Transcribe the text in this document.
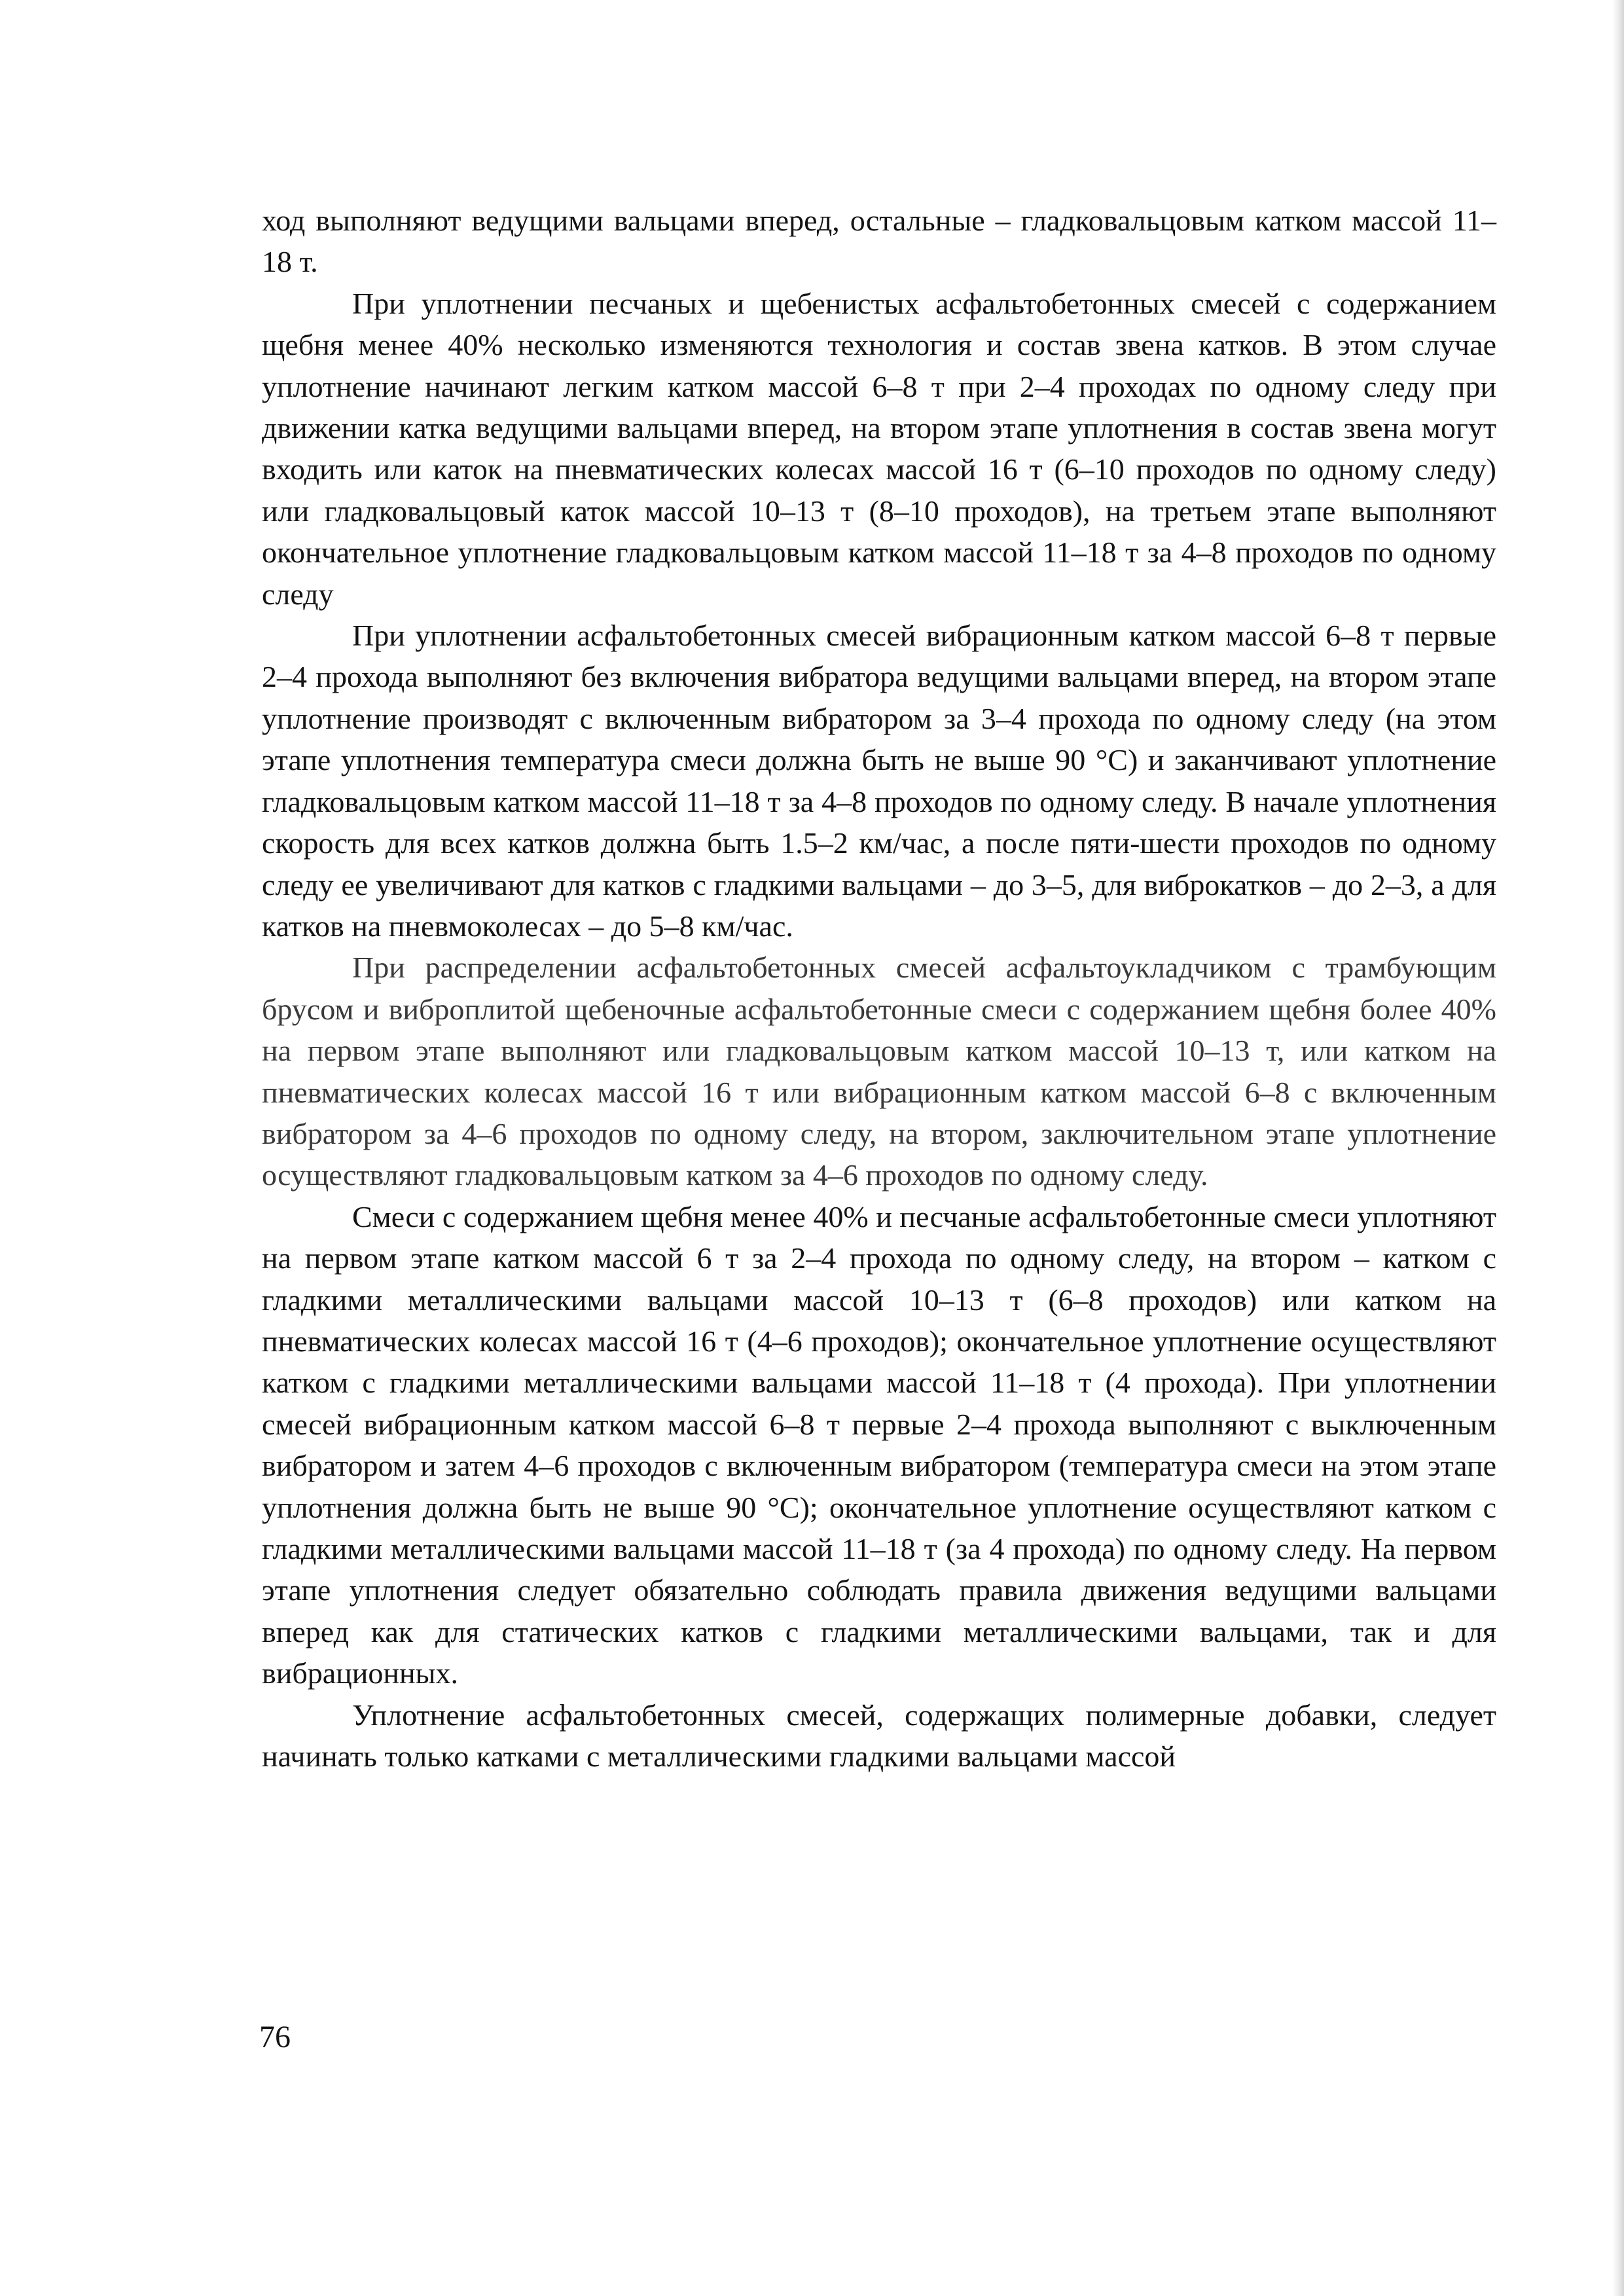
ход выполняют ведущими вальцами вперед, остальные – гладковальцовым катком массой 11–18 т.

При уплотнении песчаных и щебенистых асфальтобетонных смесей с содержанием щебня менее 40% несколько изменяются технология и состав звена катков. В этом случае уплотнение начинают легким катком массой 6–8 т при 2–4 проходах по одному следу при движении катка ведущими вальцами вперед, на втором этапе уплотнения в состав звена могут входить или каток на пневматических колесах массой 16 т (6–10 проходов по одному следу) или гладковальцовый каток массой 10–13 т (8–10 проходов), на третьем этапе выполняют окончательное уплотнение гладковальцовым катком массой 11–18 т за 4–8 проходов по одному следу

При уплотнении асфальтобетонных смесей вибрационным катком массой 6–8 т первые 2–4 прохода выполняют без включения вибратора ведущими вальцами вперед, на втором этапе уплотнение производят с включенным вибратором за 3–4 прохода по одному следу (на этом этапе уплотнения температура смеси должна быть не выше 90 °С) и заканчивают уплотнение гладковальцовым катком массой 11–18 т за 4–8 проходов по одному следу. В начале уплотнения скорость для всех катков должна быть 1.5–2 км/час, а после пяти-шести проходов по одному следу ее увеличивают для катков с гладкими вальцами – до 3–5, для виброкатков – до 2–3, а для катков на пневмоколесах – до 5–8 км/час.

При распределении асфальтобетонных смесей асфальтоукладчиком с трамбующим брусом и виброплитой щебеночные асфальтобетонные смеси с содержанием щебня более 40% на первом этапе выполняют или гладковальцовым катком массой 10–13 т, или катком на пневматических колесах массой 16 т или вибрационным катком массой 6–8 с включенным вибратором за 4–6 проходов по одному следу, на втором, заключительном этапе уплотнение осуществляют гладковальцовым катком за 4–6 проходов по одному следу.

Смеси с содержанием щебня менее 40% и песчаные асфальтобетонные смеси уплотняют на первом этапе катком массой 6 т за 2–4 прохода по одному следу, на втором – катком с гладкими металлическими вальцами массой 10–13 т (6–8 проходов) или катком на пневматических колесах массой 16 т (4–6 проходов); окончательное уплотнение осуществляют катком с гладкими металлическими вальцами массой 11–18 т (4 прохода). При уплотнении смесей вибрационным катком массой 6–8 т первые 2–4 прохода выполняют с выключенным вибратором и затем 4–6 проходов с включенным вибратором (температура смеси на этом этапе уплотнения должна быть не выше 90 °С); окончательное уплотнение осуществляют катком с гладкими металлическими вальцами массой 11–18 т (за 4 прохода) по одному следу. На первом этапе уплотнения следует обязательно соблюдать правила движения ведущими вальцами вперед как для статических катков с гладкими металлическими вальцами, так и для вибрационных.

Уплотнение асфальтобетонных смесей, содержащих полимерные добавки, следует начинать только катками с металлическими гладкими вальцами массой

76
